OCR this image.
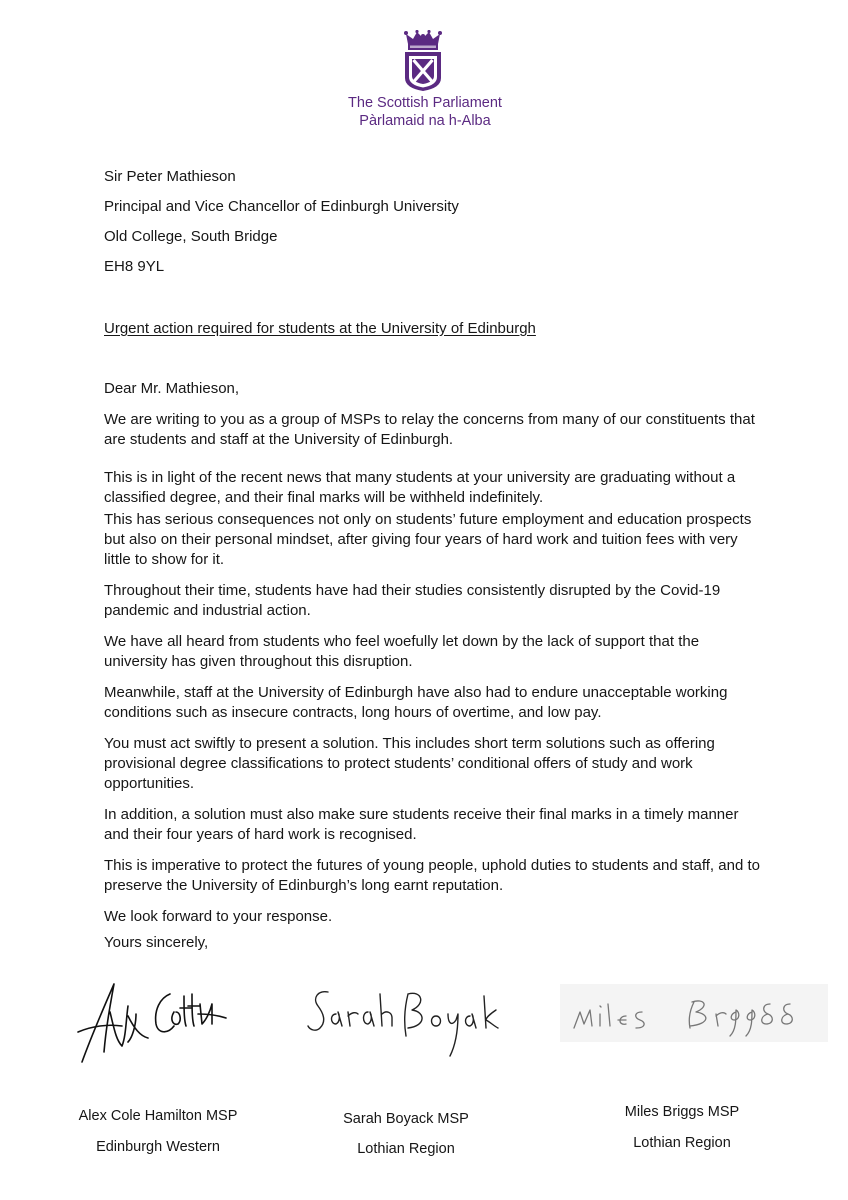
The Scottish Parliament
Pàrlamaid na h-Alba
Sir Peter Mathieson
Principal and Vice Chancellor of Edinburgh University
Old College, South Bridge
EH8 9YL
Urgent action required for students at the University of Edinburgh
Dear Mr. Mathieson,

We are writing to you as a group of MSPs to relay the concerns from many of our constituents that are students and staff at the University of Edinburgh.

This is in light of the recent news that many students at your university are graduating without a classified degree, and their final marks will be withheld indefinitely.

This has serious consequences not only on students’ future employment and education prospects but also on their personal mindset, after giving four years of hard work and tuition fees with very little to show for it.

Throughout their time, students have had their studies consistently disrupted by the Covid-19 pandemic and industrial action.

We have all heard from students who feel woefully let down by the lack of support that the university has given throughout this disruption.

Meanwhile, staff at the University of Edinburgh have also had to endure unacceptable working conditions such as insecure contracts, long hours of overtime, and low pay.

You must act swiftly to present a solution. This includes short term solutions such as offering provisional degree classifications to protect students’ conditional offers of study and work opportunities.

In addition, a solution must also make sure students receive their final marks in a timely manner and their four years of hard work is recognised.

This is imperative to protect the futures of young people, uphold duties to students and staff, and to preserve the University of Edinburgh’s long earnt reputation.

We look forward to your response.

Yours sincerely,
Alex Cole Hamilton MSP
Edinburgh Western
Sarah Boyack MSP
Lothian Region
Miles Briggs MSP
Lothian Region
